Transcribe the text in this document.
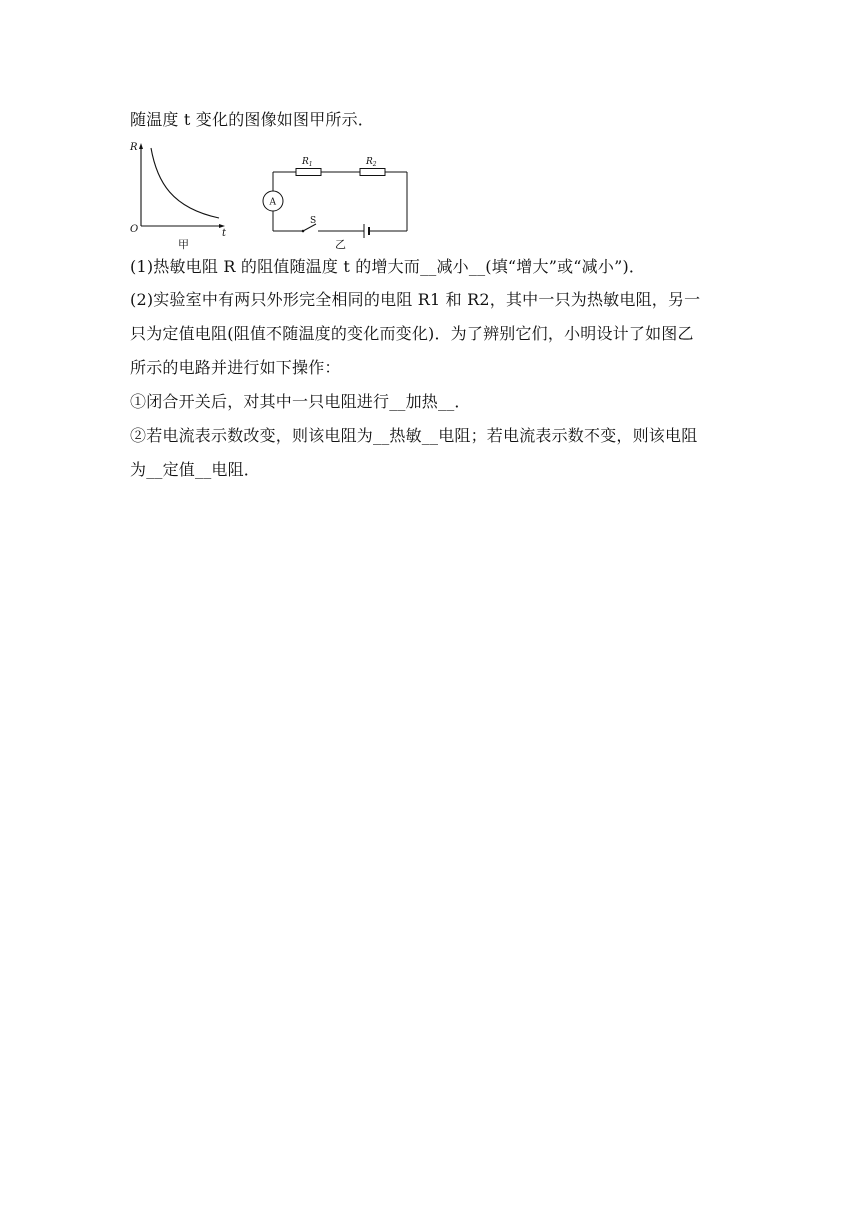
随温度 t 变化的图像如图甲所示．
R
t
O
甲
$R_1$	$R_2$
A
S
乙
(1)热敏电阻 R 的阻值随温度 t 的增大而__减小__(填“增大”或“减小”)．
(2)实验室中有两只外形完全相同的电阻 R1 和 R2，其中一只为热敏电阻，另一
只为定值电阻(阻值不随温度的变化而变化)．为了辨别它们，小明设计了如图乙
所示的电路并进行如下操作：
①闭合开关后，对其中一只电阻进行__加热__．
②若电流表示数改变，则该电阻为__热敏__电阻；若电流表示数不变，则该电阻
为__定值__电阻．
